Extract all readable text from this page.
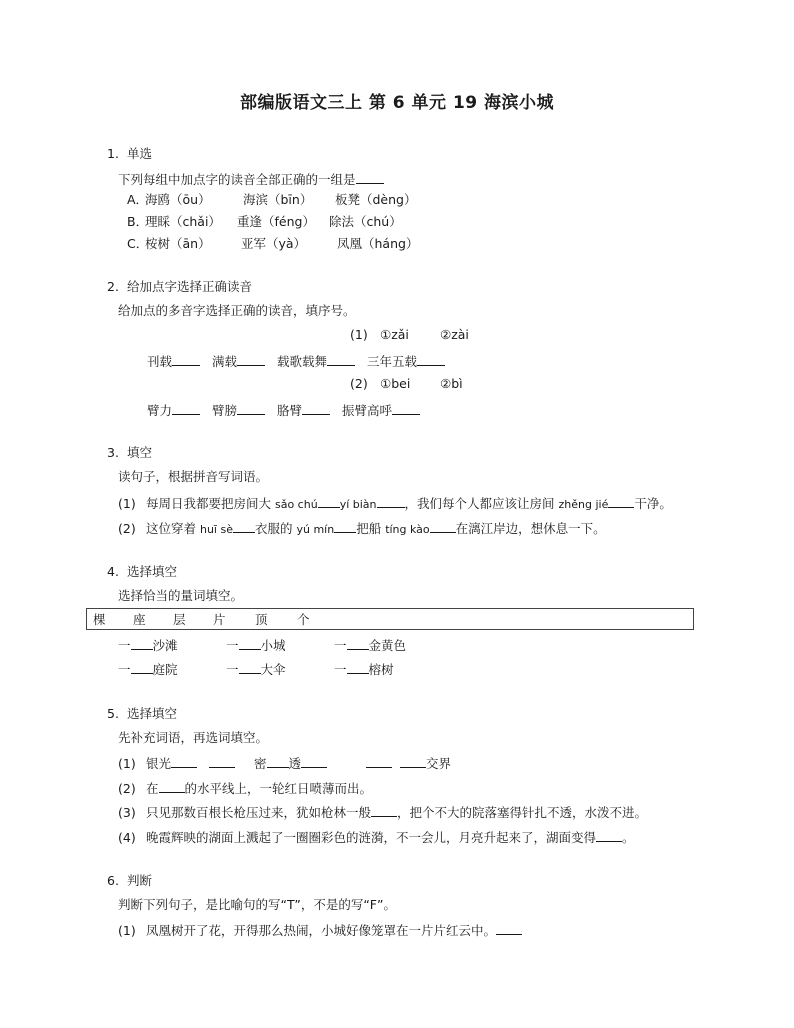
部编版语文三上 第 6 单元 19 海滨小城
1. 单选
下列每组中加点字的读音全部正确的一组是
A．海鸥（ōu）	海滨（bīn） 板凳（dèng）
B．理睬（chǎi） 重逢（féng） 除法（chú）
C．桉树（ān） 亚军（yà） 凤凰（háng）
2. 给加点字选择正确读音
给加点的多音字选择正确的读音，填序号。
(1) ①zǎi ②zài
刊载	满载	载歌载舞	三年五载
(2) ①bei ②bì
臂力	臂膀	胳臂	振臂高呼
3. 填空
读句子，根据拼音写词语。
(1) 每周日我都要把房间大 sǎo chú yí biàn ，我们每个人都应该让房间 zhěng jié 干净。
(2) 这位穿着 huī sè 衣服的 yú mín 把船 tíng kào 在漓江岸边，想休息一下。
4. 选择填空
选择恰当的量词填空。
棵 座 层 片 顶 个
一 沙滩	一 小城	一 金黄色
一 庭院	一 大伞	一 榕树
5. 选择填空
先补充词语，再选词填空。
(1) 银光	密 透	交界
(2) 在 的水平线上，一轮红日喷薄而出。
(3) 只见那数百根长枪压过来，犹如枪林一般 ，把个不大的院落塞得针扎不透，水泼不进。
(4) 晚霞辉映的湖面上溅起了一圈圈彩色的涟漪，不一会儿，月亮升起来了，湖面变得 。
6. 判断
判断下列句子，是比喻句的写“T”，不是的写“F”。
(1) 凤凰树开了花，开得那么热闹，小城好像笼罩在一片片红云中。
